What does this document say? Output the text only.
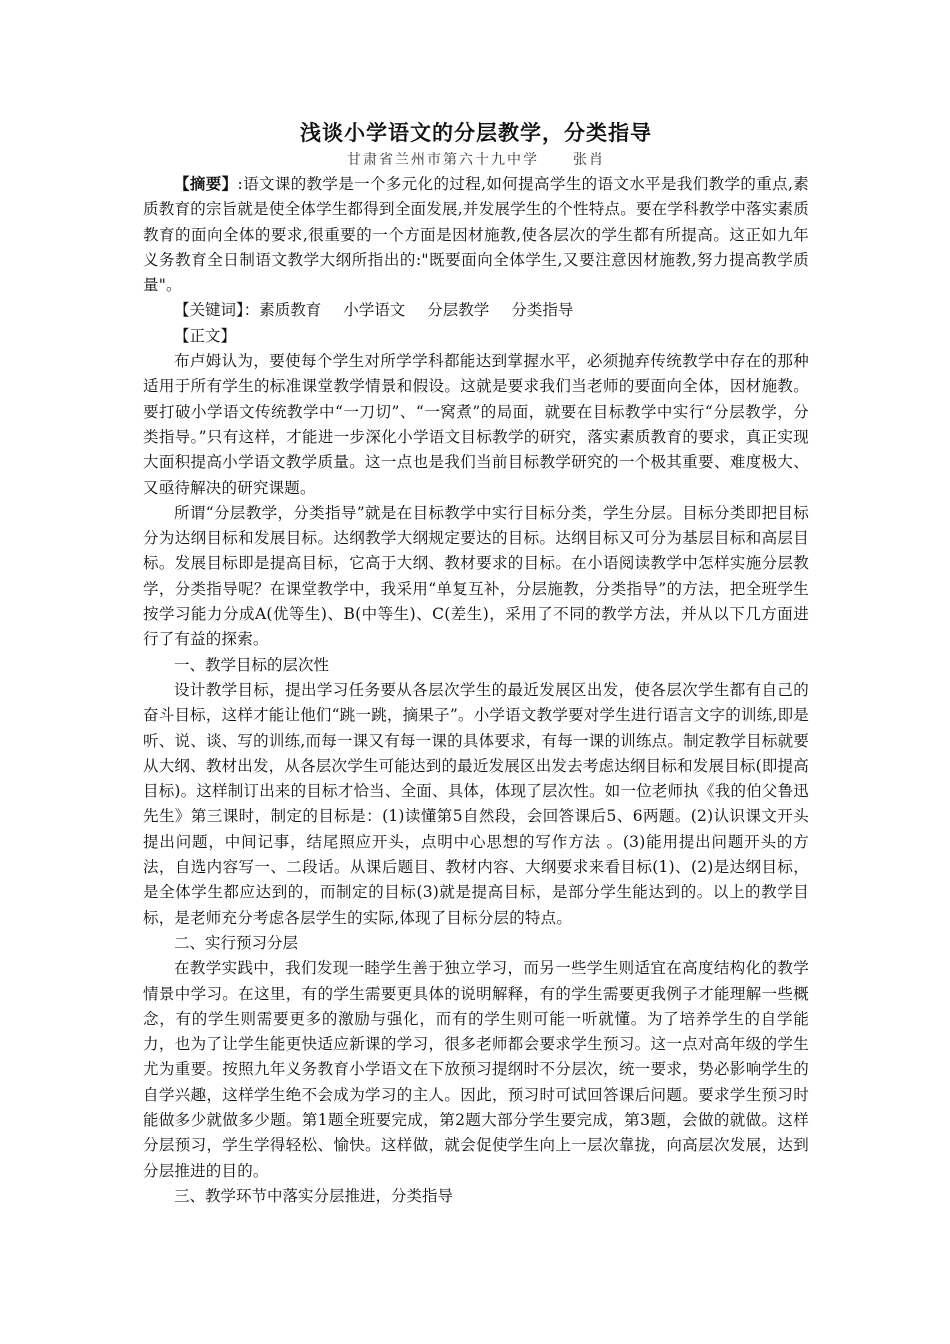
浅谈小学语文的分层教学，分类指导
甘肃省兰州市第六十九中学 张肖

【摘要】:语文课的教学是一个多元化的过程,如何提高学生的语文水平是我们教学的重点,素质教育的宗旨就是使全体学生都得到全面发展,并发展学生的个性特点。要在学科教学中落实素质教育的面向全体的要求,很重要的一个方面是因材施教,使各层次的学生都有所提高。这正如九年义务教育全日制语文教学大纲所指出的:"既要面向全体学生,又要注意因材施教,努力提高教学质量"。

【关键词】：素质教育 小学语文 分层教学 分类指导

【正文】

布卢姆认为，要使每个学生对所学学科都能达到掌握水平，必须抛弃传统教学中存在的那种适用于所有学生的标准课堂教学情景和假设。这就是要求我们当老师的要面向全体，因材施教。要打破小学语文传统教学中“一刀切”、“一窝煮”的局面，就要在目标教学中实行“分层教学，分类指导。”只有这样，才能进一步深化小学语文目标教学的研究，落实素质教育的要求，真正实现大面积提高小学语文教学质量。这一点也是我们当前目标教学研究的一个极其重要、难度极大、又亟待解决的研究课题。

所谓“分层教学，分类指导”就是在目标教学中实行目标分类，学生分层。目标分类即把目标分为达纲目标和发展目标。达纲教学大纲规定要达的目标。达纲目标又可分为基层目标和高层目标。发展目标即是提高目标，它高于大纲、教材要求的目标。在小语阅读教学中怎样实施分层教学，分类指导呢？在课堂教学中，我采用“单复互补，分层施教，分类指导”的方法，把全班学生按学习能力分成A(优等生)、B(中等生)、C(差生)，采用了不同的教学方法，并从以下几方面进行了有益的探索。

一、教学目标的层次性

设计教学目标，提出学习任务要从各层次学生的最近发展区出发，使各层次学生都有自己的奋斗目标，这样才能让他们“跳一跳，摘果子”。小学语文教学要对学生进行语言文字的训练,即是听、说、谈、写的训练,而每一课又有每一课的具体要求，有每一课的训练点。制定教学目标就要从大纲、教材出发，从各层次学生可能达到的最近发展区出发去考虑达纲目标和发展目标(即提高目标)。这样制订出来的目标才恰当、全面、具体，体现了层次性。如一位老师执《我的伯父鲁迅先生》第三课时，制定的目标是：(1)读懂第5自然段，会回答课后5、6两题。(2)认识课文开头提出问题，中间记事，结尾照应开头，点明中心思想的写作方法 。(3)能用提出问题开头的方法，自选内容写一、二段话。从课后题目、教材内容、大纲要求来看目标(1)、(2)是达纲目标，是全体学生都应达到的，而制定的目标(3)就是提高目标，是部分学生能达到的。以上的教学目标，是老师充分考虑各层学生的实际,体现了目标分层的特点。

二、实行预习分层

在教学实践中，我们发现一睦学生善于独立学习，而另一些学生则适宜在高度结构化的教学情景中学习。在这里，有的学生需要更具体的说明解释，有的学生需要更我例子才能理解一些概念，有的学生则需要更多的激励与强化，而有的学生则可能一听就懂。为了培养学生的自学能力，也为了让学生能更快适应新课的学习，很多老师都会要求学生预习。这一点对高年级的学生尤为重要。按照九年义务教育小学语文在下放预习提纲时不分层次，统一要求，势必影响学生的自学兴趣，这样学生绝不会成为学习的主人。因此，预习时可试回答课后问题。要求学生预习时能做多少就做多少题。第1题全班要完成，第2题大部分学生要完成，第3题，会做的就做。这样分层预习，学生学得轻松、愉快。这样做，就会促使学生向上一层次靠拢，向高层次发展，达到分层推进的目的。

三、教学环节中落实分层推进，分类指导
